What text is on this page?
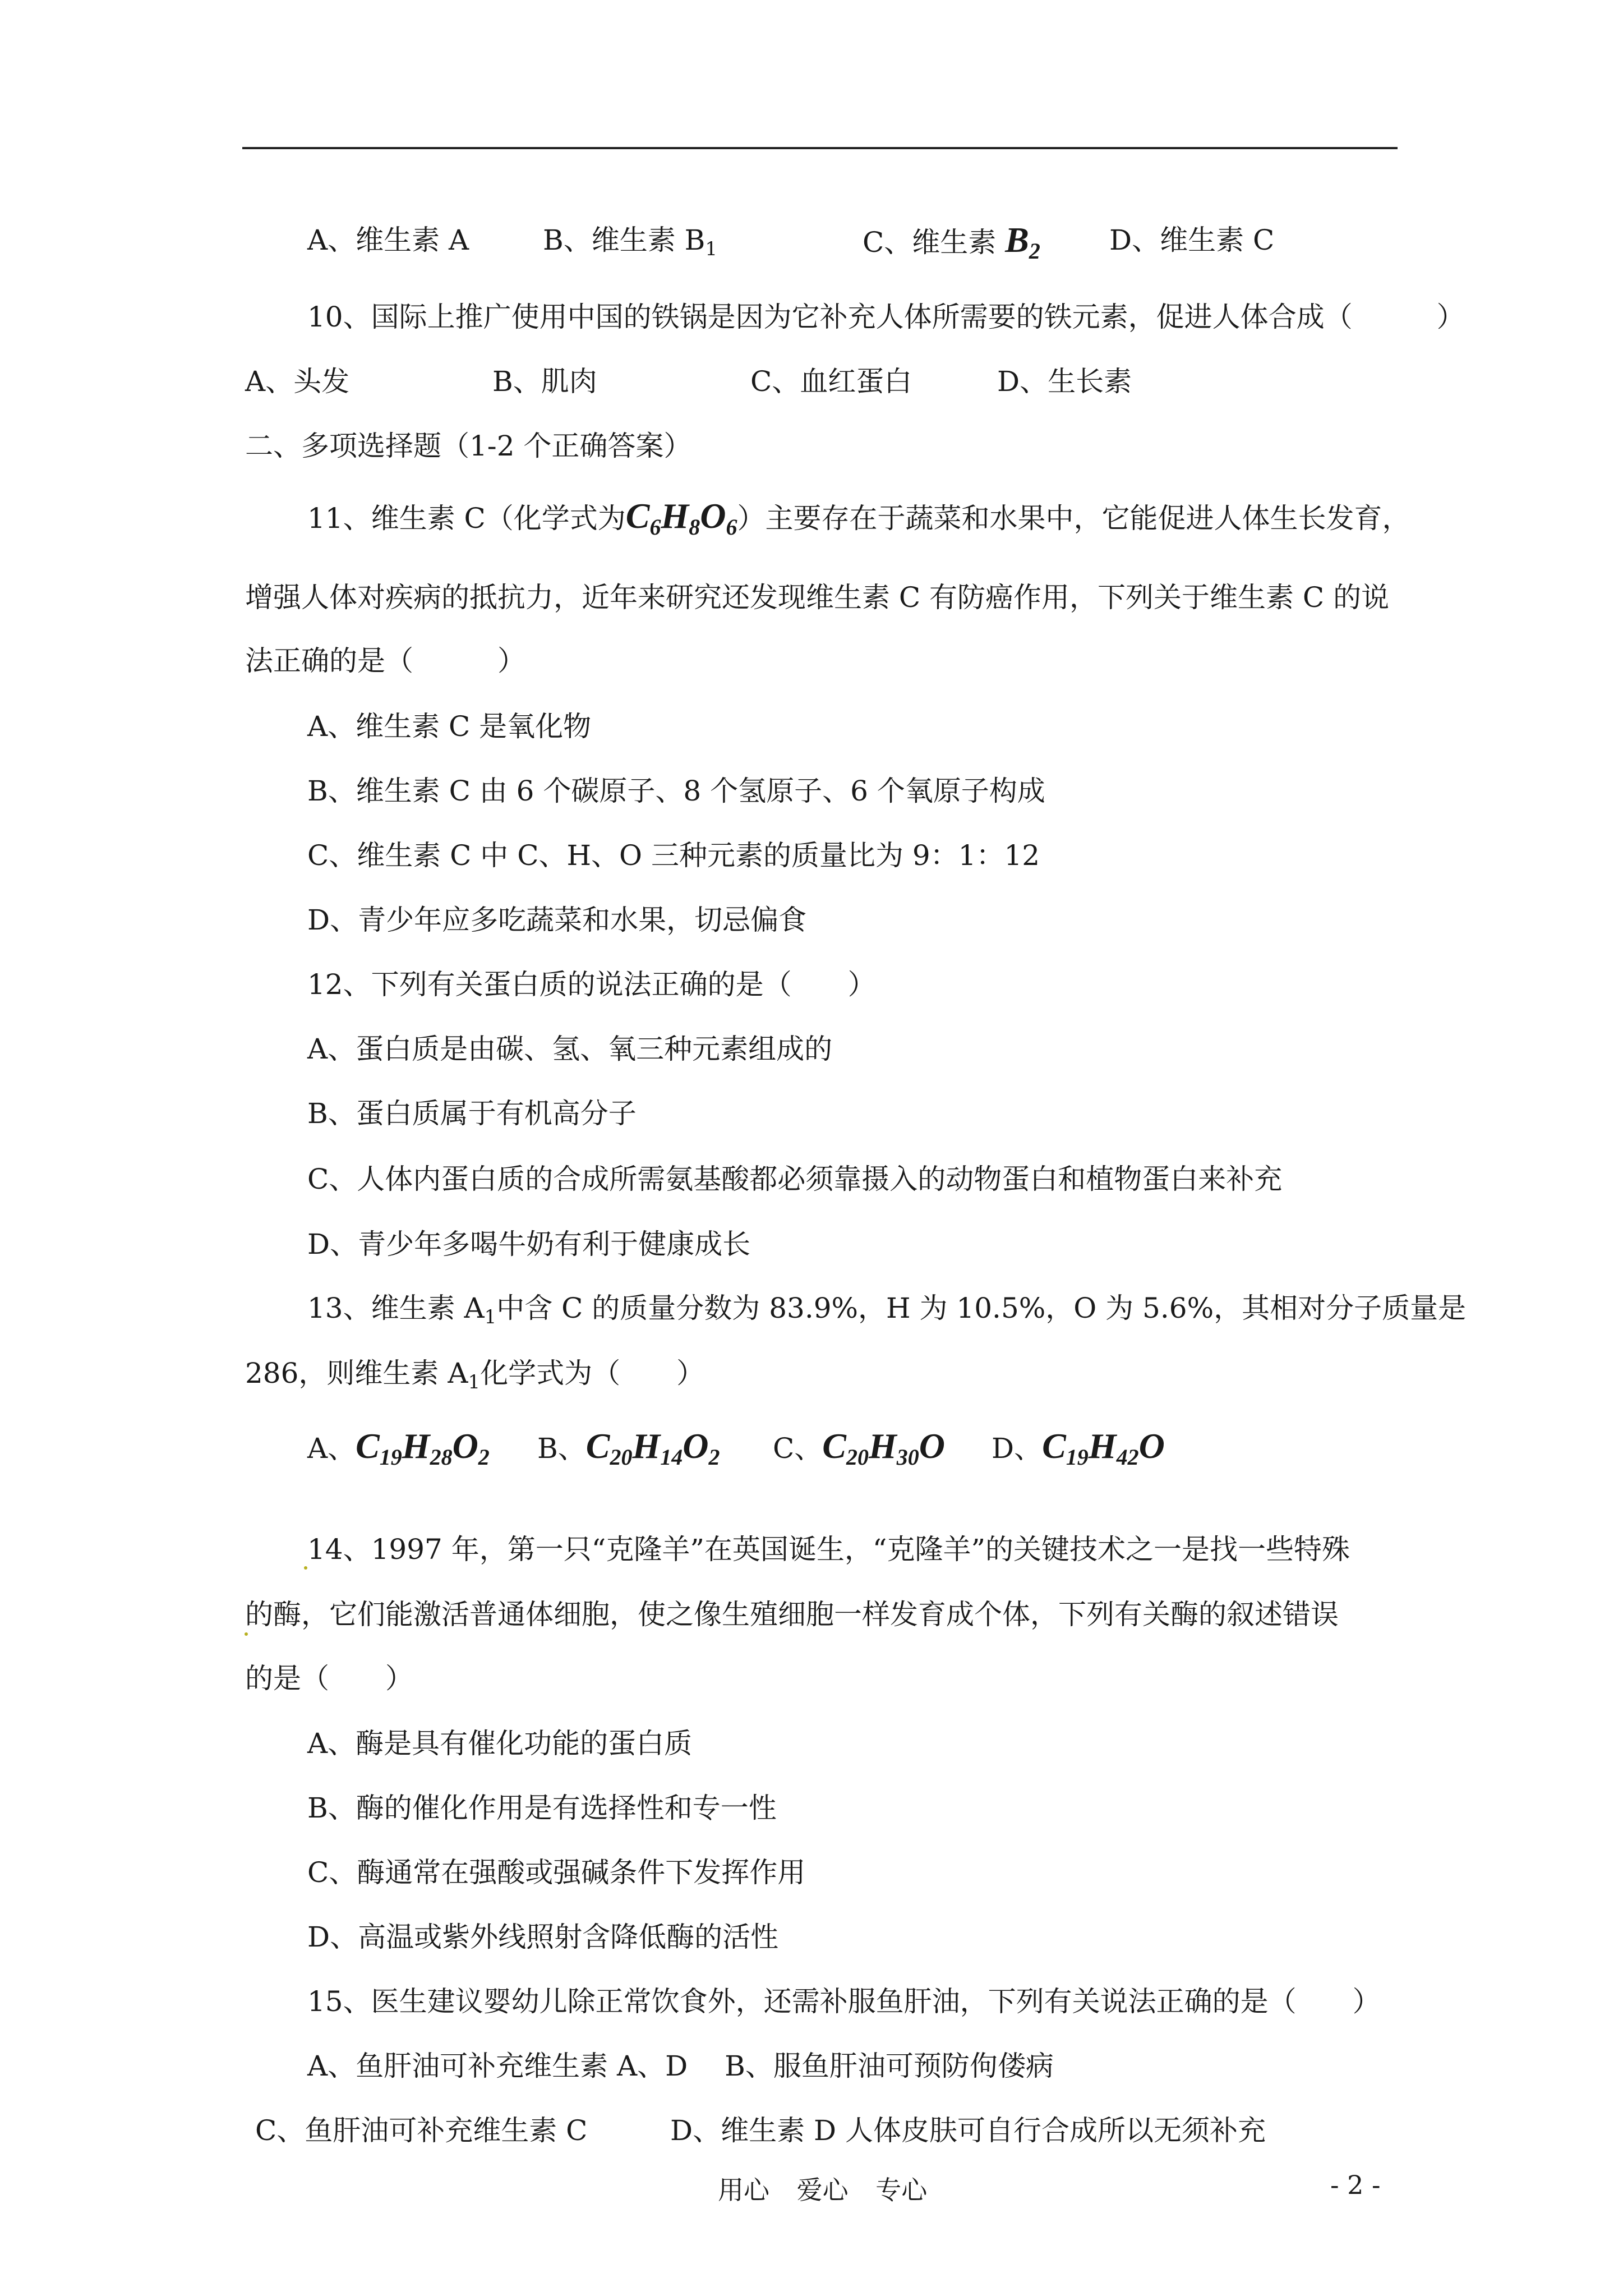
A、维生素 A	B、维生素 $B_1$	C、维生素 $B_2$ D、维生素 C
10、国际上推广使用中国的铁锅是因为它补充人体所需要的铁元素，促进人体合成（　　　）
A、头发	B、肌肉	C、血红蛋白	D、生长素
二、多项选择题（1-2 个正确答案）
11、维生素 C（化学式为$C_6H_8O_6$）主要存在于蔬菜和水果中，它能促进人体生长发育，
增强人体对疾病的抵抗力，近年来研究还发现维生素 C 有防癌作用，下列关于维生素 C 的说
法正确的是（　　　）
A、维生素 C 是氧化物
B、维生素 C 由 6 个碳原子、8 个氢原子、6 个氧原子构成
C、维生素 C 中 C、H、O 三种元素的质量比为 9：1：12
D、青少年应多吃蔬菜和水果，切忌偏食
12、下列有关蛋白质的说法正确的是（　　）
A、蛋白质是由碳、氢、氧三种元素组成的
B、蛋白质属于有机高分子
C、人体内蛋白质的合成所需氨基酸都必须靠摄入的动物蛋白和植物蛋白来补充
D、青少年多喝牛奶有利于健康成长
13、维生素 $A_1$中含 C 的质量分数为 83.9%，H 为 10.5%，O 为 5.6%，其相对分子质量是
286，则维生素 $A_1$化学式为（　　）
A、$C_{19}H_{28}O_2$ B、$C_{20}H_{14}O_2$ C、$C_{20}H_{30}O$ D、$C_{19}H_{42}O$
14、1997 年，第一只“克隆羊”在英国诞生，“克隆羊”的关键技术之一是找一些特殊
的酶，它们能激活普通体细胞，使之像生殖细胞一样发育成个体，下列有关酶的叙述错误
的是（　　）
A、酶是具有催化功能的蛋白质
B、酶的催化作用是有选择性和专一性
C、酶通常在强酸或强碱条件下发挥作用
D、高温或紫外线照射含降低酶的活性
15、医生建议婴幼儿除正常饮食外，还需补服鱼肝油，下列有关说法正确的是（　　）
A、鱼肝油可补充维生素 A、D　 B、服鱼肝油可预防佝偻病
C、鱼肝油可补充维生素 C	D、维生素 D 人体皮肤可自行合成所以无须补充
用心 爱心 专心	- 2 -
